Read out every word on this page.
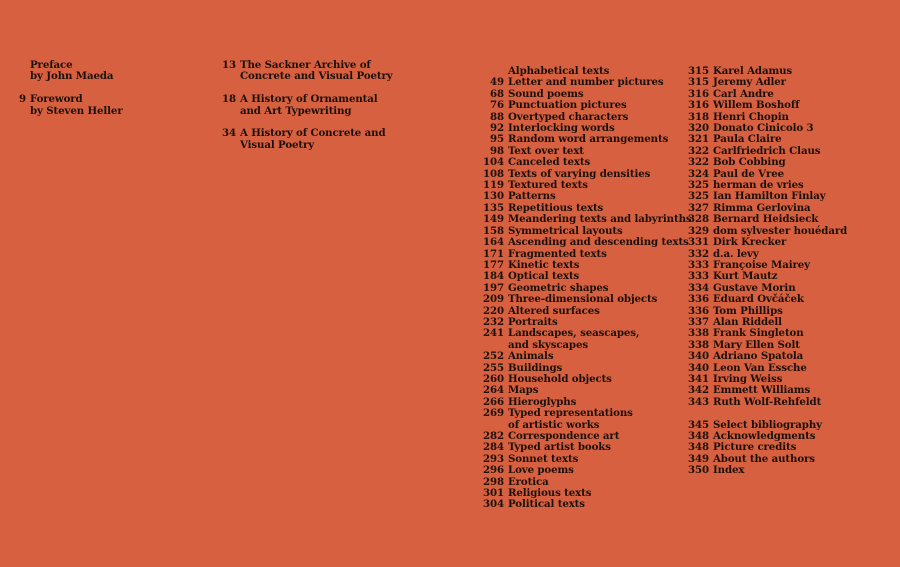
Preface
by John Maeda
9 Foreword
by Steven Heller
13 The Sackner Archive of
Concrete and Visual Poetry
18 A History of Ornamental
and Art Typewriting
34 A History of Concrete and
Visual Poetry
Alphabetical texts
49 Letter and number pictures
68 Sound poems
76 Punctuation pictures
88 Overtyped characters
92 Interlocking words
95 Random word arrangements
98 Text over text
104 Canceled texts
108 Texts of varying densities
119 Textured texts
130 Patterns
135 Repetitious texts
149 Meandering texts and labyrinths
158 Symmetrical layouts
164 Ascending and descending texts
171 Fragmented texts
177 Kinetic texts
184 Optical texts
197 Geometric shapes
209 Three-dimensional objects
220 Altered surfaces
232 Portraits
241 Landscapes, seascapes,
and skyscapes
252 Animals
255 Buildings
260 Household objects
264 Maps
266 Hieroglyphs
269 Typed representations
of artistic works
282 Correspondence art
284 Typed artist books
293 Sonnet texts
296 Love poems
298 Erotica
301 Religious texts
304 Political texts
315 Karel Adamus
315 Jeremy Adler
316 Carl Andre
316 Willem Boshoff
318 Henri Chopin
320 Donato Cinicolo 3
321 Paula Claire
322 Carlfriedrich Claus
322 Bob Cobbing
324 Paul de Vree
325 herman de vries
325 Ian Hamilton Finlay
327 Rimma Gerlovina
328 Bernard Heidsieck
329 dom sylvester houédard
331 Dirk Krecker
332 d.a. levy
333 Françoise Mairey
333 Kurt Mautz
334 Gustave Morin
336 Eduard Ovčáček
336 Tom Phillips
337 Alan Riddell
338 Frank Singleton
338 Mary Ellen Solt
340 Adriano Spatola
340 Leon Van Essche
341 Irving Weiss
342 Emmett Williams
343 Ruth Wolf-Rehfeldt
345 Select bibliography
348 Acknowledgments
348 Picture credits
349 About the authors
350 Index
